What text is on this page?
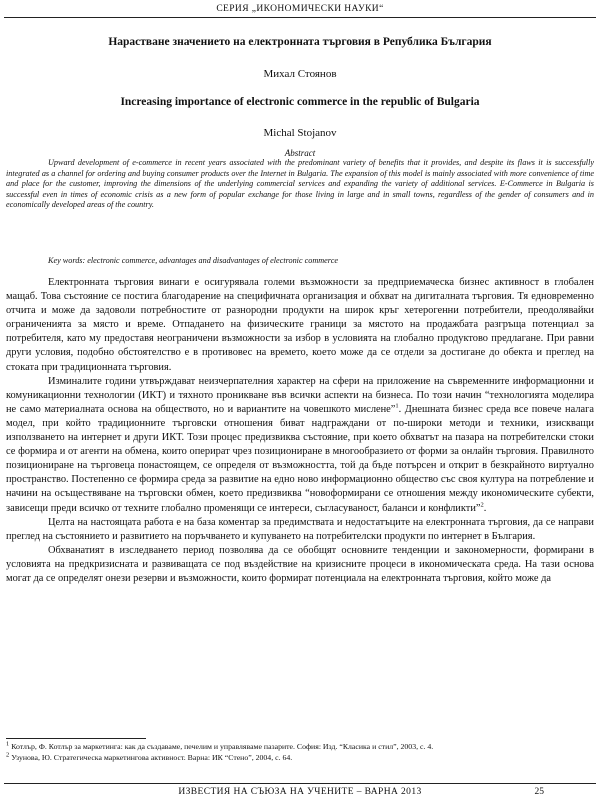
СЕРИЯ „ИКОНОМИЧЕСКИ НАУКИ“
Нарастване значението на електронната търговия в Република България
Михал Стоянов
Increasing importance of electronic commerce in the republic of Bulgaria
Michal Stojanov
Abstract

Upward development of e-commerce in recent years associated with the predominant variety of benefits that it provides, and despite its flaws it is successfully integrated as a channel for ordering and buying consumer products over the Internet in Bulgaria. The expansion of this model is mainly associated with more convenience of time and place for the customer, improving the dimensions of the underlying commercial services and expanding the variety of additional services. E-Commerce in Bulgaria is successful even in times of economic crisis as a new form of popular exchange for those living in large and in small towns, regardless of the gender of consumers and in economically developed areas of the country.

Key words: electronic commerce, advantages and disadvantages of electronic commerce

Електронната търговия винаги е осигурявала големи възможности за предприемаческа бизнес активност в глобален мащаб. Това състояние се постига благодарение на специфичната организация и обхват на дигиталната търговия. Тя едновременно отчита и може да задоволи потребностите от разнородни продукти на широк кръг хетерогенни потребители, преодолявайки ограниченията за място и време. Отпадането на физическите граници за мястото на продажбата разгръща потенциал за потребителя, като му предоставя неограничени възможности за избор в условията на глобално продуктово предлагане. При равни други условия, подобно обстоятелство е в противовес на времето, което може да се отдели за достигане до обекта и преглед на стоката при традиционната търговия.

Изминалите години утвърждават неизчерпателния характер на сфери на приложение на съвременните информационни и комуникационни технологии (ИКТ) и тяхното проникване във всички аспекти на бизнеса. По този начин “технологията моделира не само материалната основа на обществото, но и вариантите на човешкото мислене”$^1$. Днешната бизнес среда все повече налага модел, при който традиционните търговски отношения биват надграждани от по-широки методи и техники, изискващи използването на интернет и други ИКТ. Този процес предизвиква състояние, при което обхватът на пазара на потребителски стоки се формира и от агенти на обмена, които оперират чрез позициониране в многообразието от форми за онлайн търговия. Правилното позициониране на търговеца понастоящем, се определя от възможността, той да бъде потърсен и открит в безкрайното виртуално пространство. Постепенно се формира среда за развитие на едно ново информационно общество със своя култура на потребление и начини на осъществяване на търговски обмен, което предизвиква “новоформирани се отношения между икономическите субекти, зависещи преди всичко от техните глобално променящи се интереси, съгласуваност, баланси и конфликти”$^2$.

Целта на настоящата работа е на база коментар за предимствата и недостатъците на електронната търговия, да се направи преглед на състоянието и развитието на поръчването и купуването на потребителски продукти по интернет в България.

Обхванатият в изследването период позволява да се обобщят основните тенденции и закономерности, формирани в условията на предкризисната и развиващата се под въздействие на кризисните процеси в икономическата среда. На тази основа могат да се определят онези резерви и възможности, които формират потенциала на електронната търговия, който може да

$^1$ Котлър, Ф. Котлър за маркетинга: как да създаваме, печелим и управляваме пазарите. София: Изд. “Класика и стил”, 2003, с. 4.

$^2$ Узунова, Ю. Стратегическа маркетингова активност. Варна: ИК “Стено”, 2004, с. 64.

ИЗВЕСТИЯ НА СЪЮЗА НА УЧЕНИТЕ – ВАРНА 2013	25
